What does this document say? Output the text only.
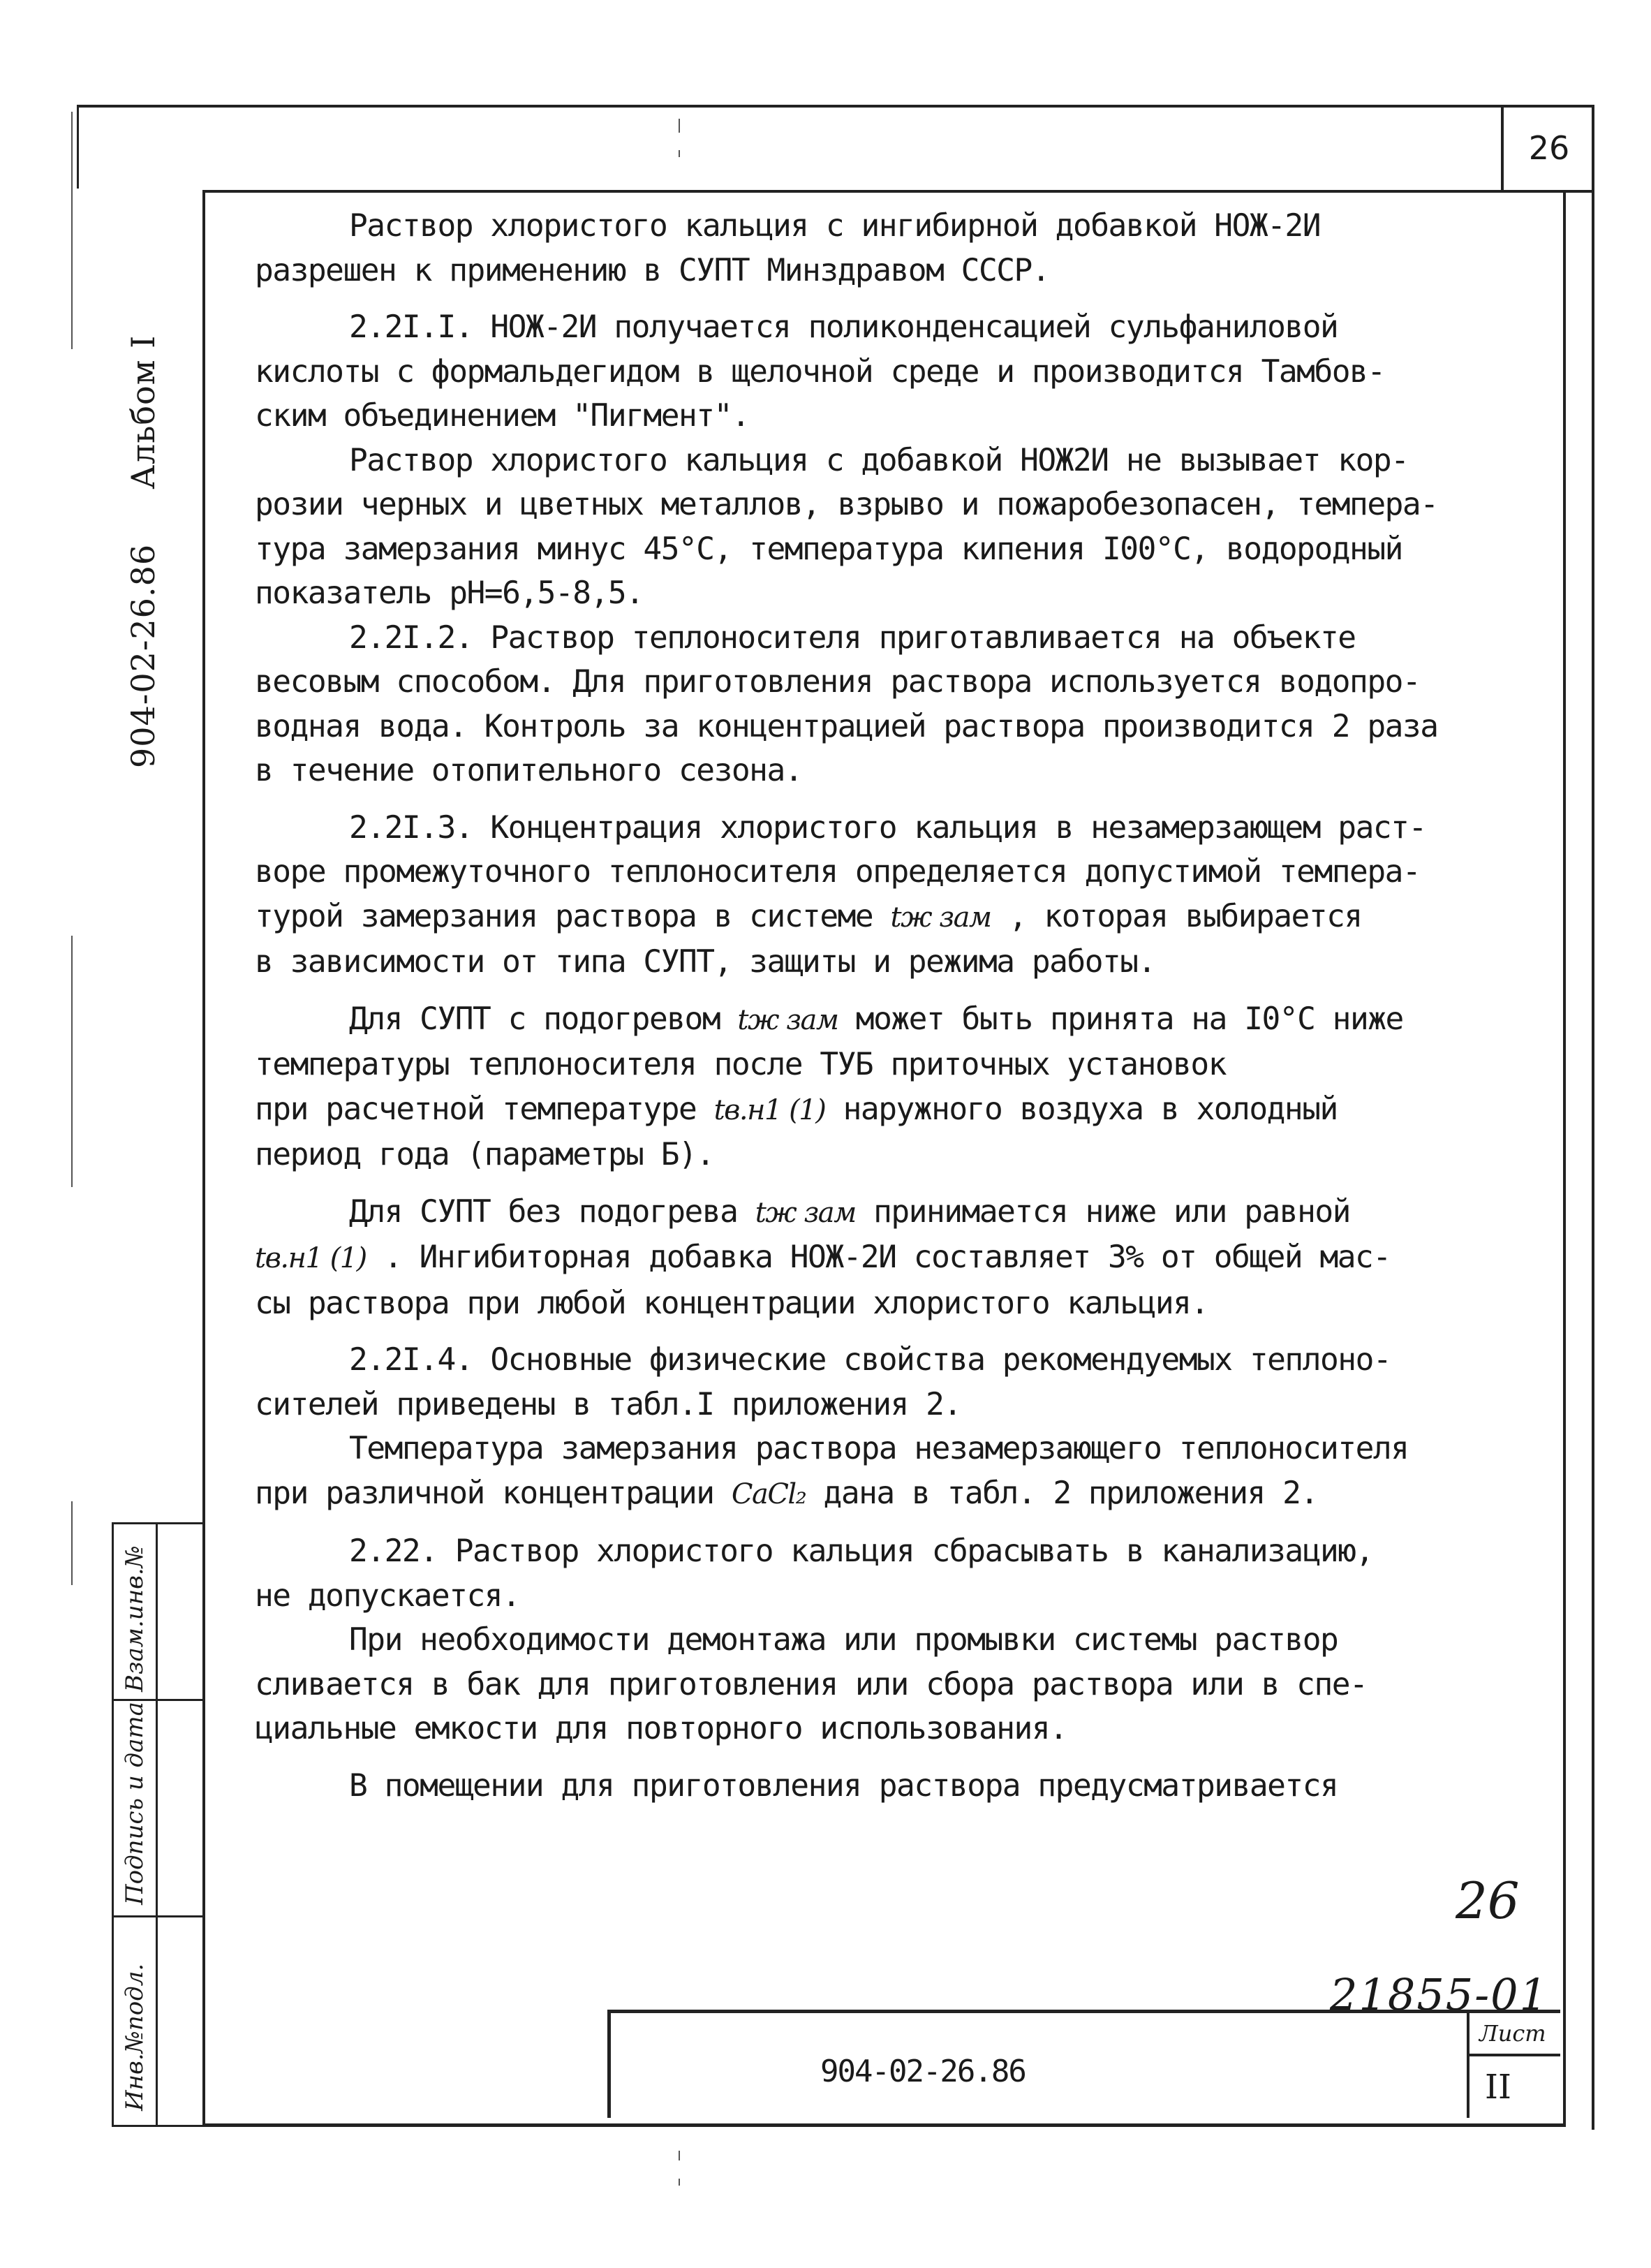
26
904-02-26.86     Альбом I
Инв.№подл.
Подпись и дата
Взам.инв.№

Раствор хлористого кальция с ингибирной добавкой НОЖ-2И

разрешен к применению в СУПТ Минздравом СССР.

2.2I.I. НОЖ-2И получается поликонденсацией сульфаниловой

кислоты с формальдегидом в щелочной среде и производится Тамбов-

ским объединением "Пигмент".

Раствор хлористого кальция с добавкой НОЖ2И не вызывает кор-

розии черных и цветных металлов, взрыво и пожаробезопасен, темпера-

тура замерзания минус 45°С, температура кипения I00°С, водородный

показатель pH=6,5-8,5.

2.2I.2. Раствор теплоносителя приготавливается на объекте

весовым способом. Для приготовления раствора используется водопро-

водная вода. Контроль за концентрацией раствора производится 2 раза

в течение отопительного сезона.

2.2I.3. Концентрация хлористого кальция в незамерзающем раст-

воре промежуточного теплоносителя определяется допустимой темпера-

турой замерзания раствора в системе tж зам , которая выбирается

в зависимости от типа СУПТ, защиты и режима работы.

Для СУПТ с подогревом tж зам может быть принята на I0°С ниже

температуры теплоносителя после ТУБ приточных установок

при расчетной температуре tв.н1 (1) наружного воздуха в холодный

период года (параметры Б).

Для СУПТ без подогрева tж зам принимается ниже или равной

tв.н1 (1) . Ингибиторная добавка НОЖ-2И составляет 3% от общей мас-

сы раствора при любой концентрации хлористого кальция.

2.2I.4. Основные физические свойства рекомендуемых теплоно-

сителей приведены в табл.I приложения 2.

Температура замерзания раствора незамерзающего теплоносителя

при различной концентрации CaCl₂ дана в табл. 2 приложения 2.

2.22. Раствор хлористого кальция сбрасывать в канализацию,

не допускается.

При необходимости демонтажа или промывки системы раствор

сливается в бак для приготовления или сбора раствора или в спе-

циальные емкости для повторного использования.

В помещении для приготовления раствора предусматривается

26
21855-01
904-02-26.86
Лист
II
